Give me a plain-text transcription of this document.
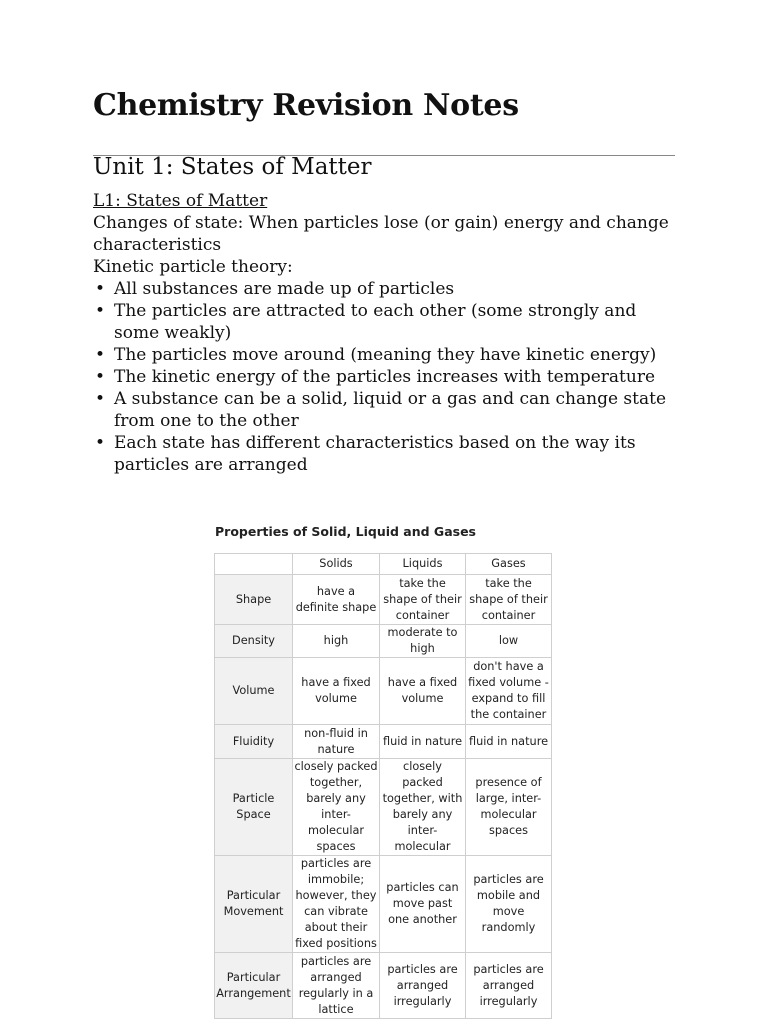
Chemistry Revision Notes
Unit 1: States of Matter

L1: States of Matter

Changes of state: When particles lose (or gain) energy and change characteristics

Kinetic particle theory:

• All substances are made up of particles
• The particles are attracted to each other (some strongly and some weakly)
• The particles move around (meaning they have kinetic energy)
• The kinetic energy of the particles increases with temperature
• A substance can be a solid, liquid or a gas and can change state from one to the other
• Each state has different characteristics based on the way its particles are arranged
Properties of Solid, Liquid and Gases
	Solids	Liquids	Gases
Shape	have a definite shape	take the shape of their container	take the shape of their container
Density	high	moderate to high	low
Volume	have a fixed volume	have a fixed volume	don't have a fixed volume - expand to fill the container
Fluidity	non-fluid in nature	fluid in nature	fluid in nature
Particle Space	closely packed together, barely any inter-molecular spaces	closely packed together, with barely any inter-molecular	presence of large, inter-molecular spaces
Particular Movement	particles are immobile; however, they can vibrate about their fixed positions	particles can move past one another	particles are mobile and move randomly
Particular Arrangement	particles are arranged regularly in a lattice	particles are arranged irregularly	particles are arranged irregularly
